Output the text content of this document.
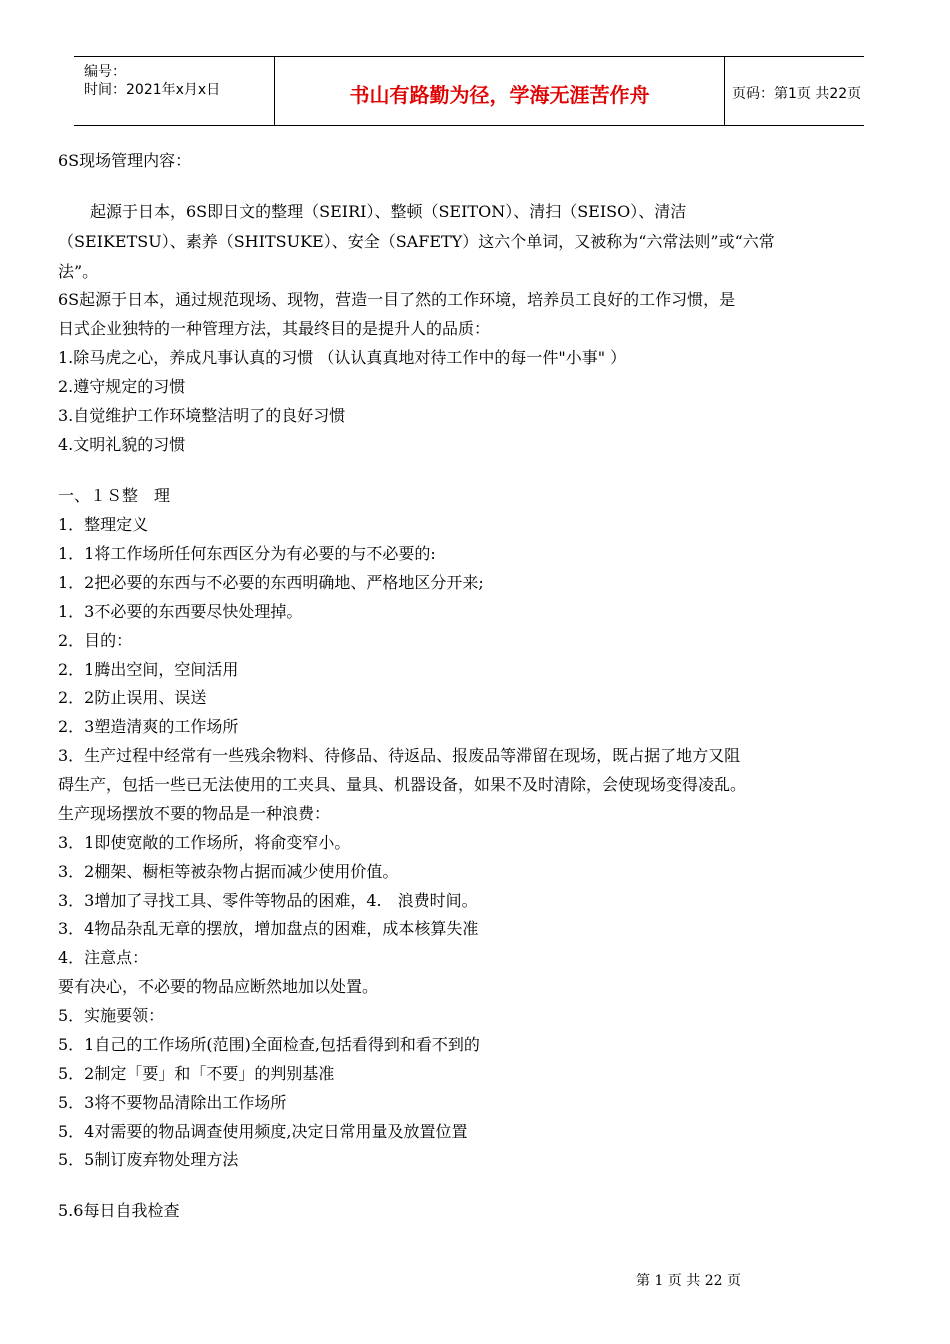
编号：
时间：2021年x月x日	书山有路勤为径，学海无涯苦作舟	页码：第1页 共22页
6S现场管理内容：
　　起源于日本，6S即日文的整理（SEIRI）、整顿（SEITON）、清扫（SEISO）、清洁
（SEIKETSU）、素养（SHITSUKE）、安全（SAFETY）这六个单词，又被称为“六常法则”或“六常
法”。
6S起源于日本，通过规范现场、现物，营造一目了然的工作环境，培养员工良好的工作习惯，是
日式企业独特的一种管理方法，其最终目的是提升人的品质：
1.除马虎之心，养成凡事认真的习惯 （认认真真地对待工作中的每一件"小事" ）
2.遵守规定的习惯
3.自觉维护工作环境整洁明了的良好习惯
4.文明礼貌的习惯
一、１Ｓ整　理
1．整理定义
1．1将工作场所任何东西区分为有必要的与不必要的:
1．2把必要的东西与不必要的东西明确地、严格地区分开来;
1．3不必要的东西要尽快处理掉。
2．目的：
2．1腾出空间，空间活用
2．2防止误用、误送
2．3塑造清爽的工作场所
3．生产过程中经常有一些残余物料、待修品、待返品、报废品等滞留在现场，既占据了地方又阻
碍生产，包括一些已无法使用的工夹具、量具、机器设备，如果不及时清除，会使现场变得凌乱。
生产现场摆放不要的物品是一种浪费：
3．1即使宽敞的工作场所，将俞变窄小。
3．2棚架、橱柜等被杂物占据而减少使用价值。
3．3增加了寻找工具、零件等物品的困难，4.　浪费时间。
3．4物品杂乱无章的摆放，增加盘点的困难，成本核算失准
4．注意点：
要有决心，不必要的物品应断然地加以处置。
5．实施要领：
5．1自己的工作场所(范围)全面检查,包括看得到和看不到的
5．2制定「要」和「不要」的判别基准
5．3将不要物品清除出工作场所
5．4对需要的物品调查使用频度,决定日常用量及放置位置
5．5制订废弃物处理方法
5.6每日自我检查
第 1 页 共 22 页
